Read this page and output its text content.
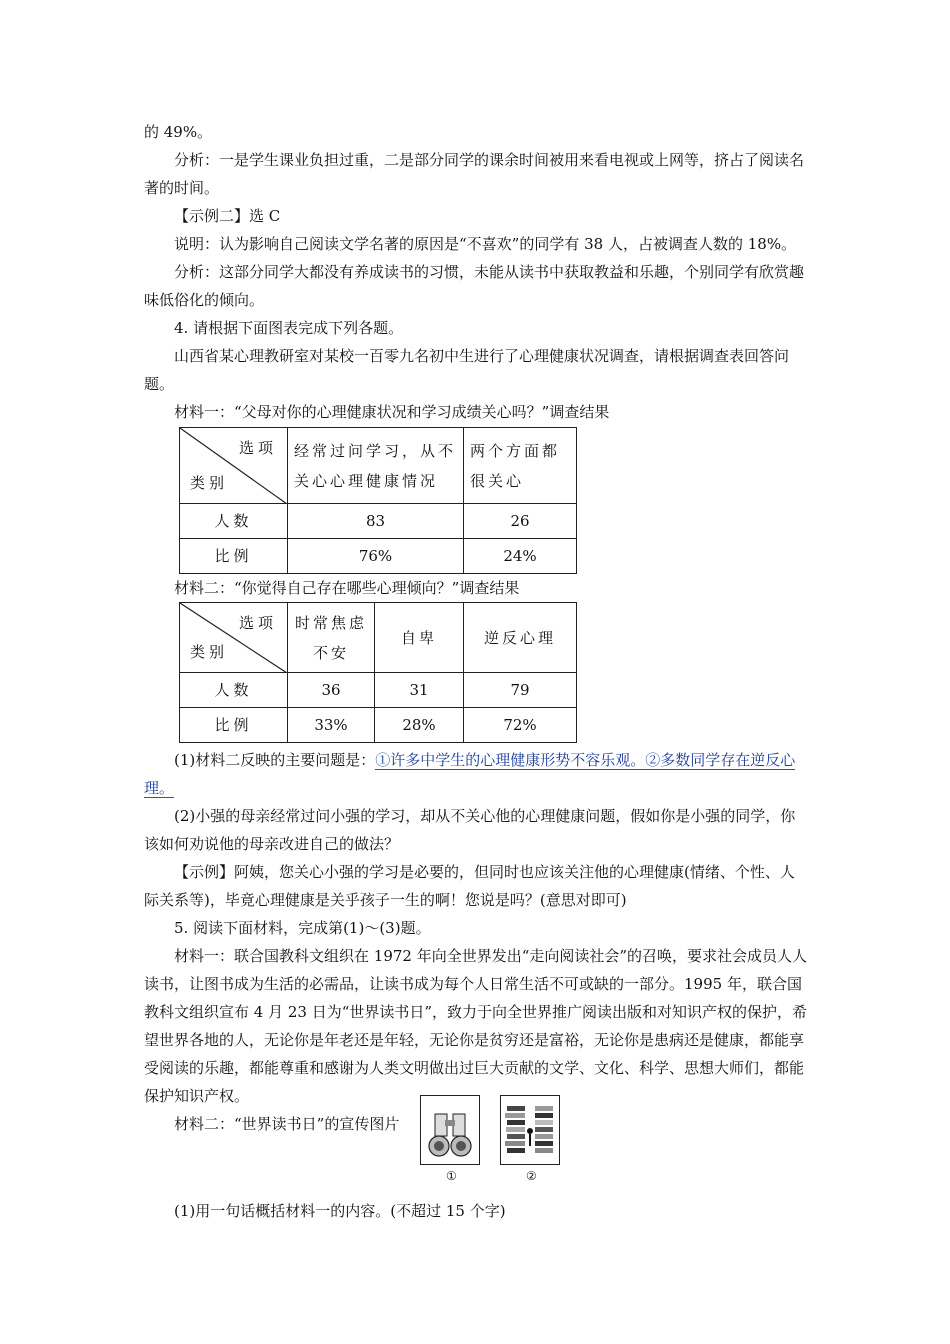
的 49%。

分析：一是学生课业负担过重，二是部分同学的课余时间被用来看电视或上网等，挤占了阅读名著的时间。

【示例二】选 C

说明：认为影响自己阅读文学名著的原因是“不喜欢”的同学有 38 人，占被调查人数的 18%。

分析：这部分同学大都没有养成读书的习惯，未能从读书中获取教益和乐趣，个别同学有欣赏趣味低俗化的倾向。

4. 请根据下面图表完成下列各题。

山西省某心理教研室对某校一百零九名初中生进行了心理健康状况调查，请根据调查表回答问题。

材料一：“父母对你的心理健康状况和学习成绩关心吗？”调查结果

选项
类别	经常过问学习，从不关心心理健康情况	两个方面都很关心

人数	83	26
比例	76%	24%

材料二：“你觉得自己存在哪些心理倾向？”调查结果

选项
类别	时常焦虑不安	自卑	逆反心理

人数	36	31	79
比例	33%	28%	72%

(1)材料二反映的主要问题是：①许多中学生的心理健康形势不容乐观。②多数同学存在逆反心理。

(2)小强的母亲经常过问小强的学习，却从不关心他的心理健康问题，假如你是小强的同学，你该如何劝说他的母亲改进自己的做法？

【示例】阿姨，您关心小强的学习是必要的，但同时也应该关注他的心理健康(情绪、个性、人际关系等)，毕竟心理健康是关乎孩子一生的啊！您说是吗？(意思对即可)

5. 阅读下面材料，完成第(1)～(3)题。

材料一：联合国教科文组织在 1972 年向全世界发出“走向阅读社会”的召唤，要求社会成员人人读书，让图书成为生活的必需品，让读书成为每个人日常生活不可或缺的一部分。1995 年，联合国教科文组织宣布 4 月 23 日为“世界读书日”，致力于向全世界推广阅读出版和对知识产权的保护，希望世界各地的人，无论你是年老还是年轻，无论你是贫穷还是富裕，无论你是患病还是健康，都能享受阅读的乐趣，都能尊重和感谢为人类文明做出过巨大贡献的文学、文化、科学、思想大师们，都能保护知识产权。

材料二：“世界读书日”的宣传图片

①	②

(1)用一句话概括材料一的内容。(不超过 15 个字)
